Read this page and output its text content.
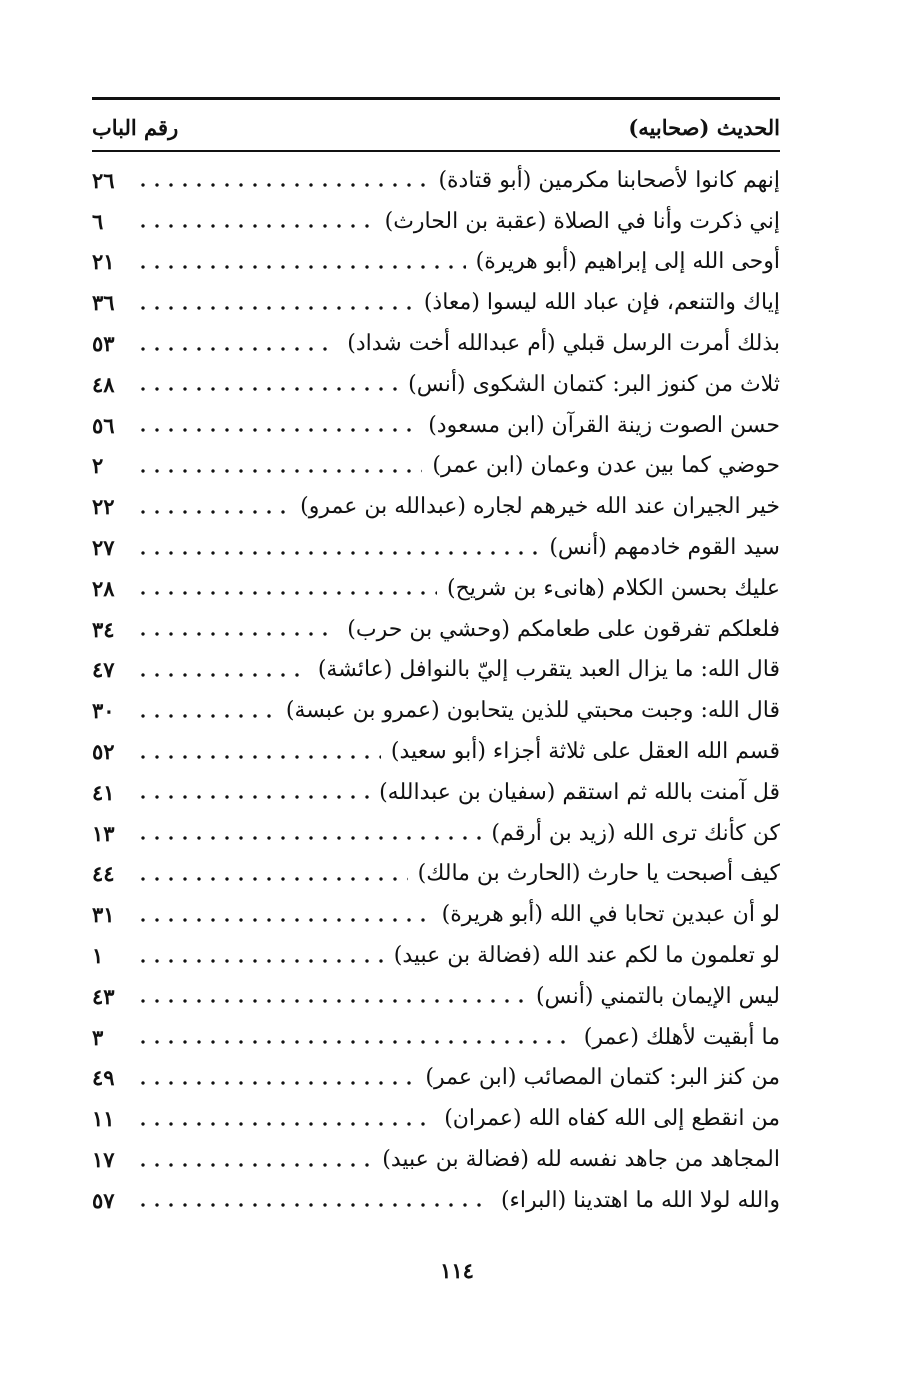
الحديث (صحابيه)
رقم الباب
إنهم كانوا لأصحابنا مكرمين (أبو قتادة)
٢٦
إني ذكرت وأنا في الصلاة (عقبة بن الحارث)
٦
أوحى الله إلى إبراهيم (أبو هريرة)
٢١
إياك والتنعم، فإن عباد الله ليسوا (معاذ)
٣٦
بذلك أمرت الرسل قبلي (أم عبدالله أخت شداد)
٥٣
ثلاث من كنوز البر: كتمان الشكوى (أنس)
٤٨
حسن الصوت زينة القرآن (ابن مسعود)
٥٦
حوضي كما بين عدن وعمان (ابن عمر)
٢
خير الجيران عند الله خيرهم لجاره (عبدالله بن عمرو)
٢٢
سيد القوم خادمهم (أنس)
٢٧
عليك بحسن الكلام (هانىء بن شريح)
٢٨
فلعلكم تفرقون على طعامكم (وحشي بن حرب)
٣٤
قال الله: ما يزال العبد يتقرب إليّ بالنوافل (عائشة)
٤٧
قال الله: وجبت محبتي للذين يتحابون (عمرو بن عبسة)
٣٠
قسم الله العقل على ثلاثة أجزاء (أبو سعيد)
٥٢
قل آمنت بالله ثم استقم (سفيان بن عبدالله)
٤١
كن كأنك ترى الله (زيد بن أرقم)
١٣
كيف أصبحت يا حارث (الحارث بن مالك)
٤٤
لو أن عبدين تحابا في الله (أبو هريرة)
٣١
لو تعلمون ما لكم عند الله (فضالة بن عبيد)
١
ليس الإيمان بالتمني (أنس)
٤٣
ما أبقيت لأهلك (عمر)
٣
من كنز البر: كتمان المصائب (ابن عمر)
٤٩
من انقطع إلى الله كفاه الله (عمران)
١١
المجاهد من جاهد نفسه لله (فضالة بن عبيد)
١٧
والله لولا الله ما اهتدينا (البراء)
٥٧
١١٤
